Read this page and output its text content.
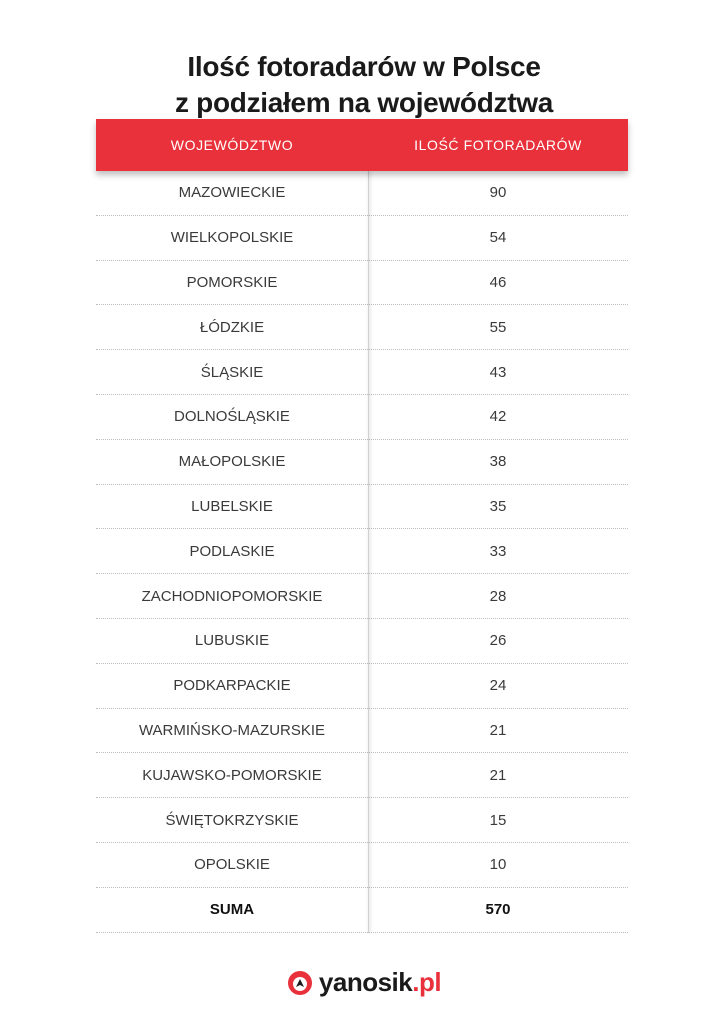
Ilość fotoradarów w Polsce
z podziałem na województwa
WOJEWÓDZTWO	ILOŚĆ FOTORADARÓW
MAZOWIECKIE	90
WIELKOPOLSKIE	54
POMORSKIE	46
ŁÓDZKIE	55
ŚLĄSKIE	43
DOLNOŚLĄSKIE	42
MAŁOPOLSKIE	38
LUBELSKIE	35
PODLASKIE	33
ZACHODNIOPOMORSKIE	28
LUBUSKIE	26
PODKARPACKIE	24
WARMIŃSKO-MAZURSKIE	21
KUJAWSKO-POMORSKIE	21
ŚWIĘTOKRZYSKIE	15
OPOLSKIE	10
SUMA	570
yanosik.pl
